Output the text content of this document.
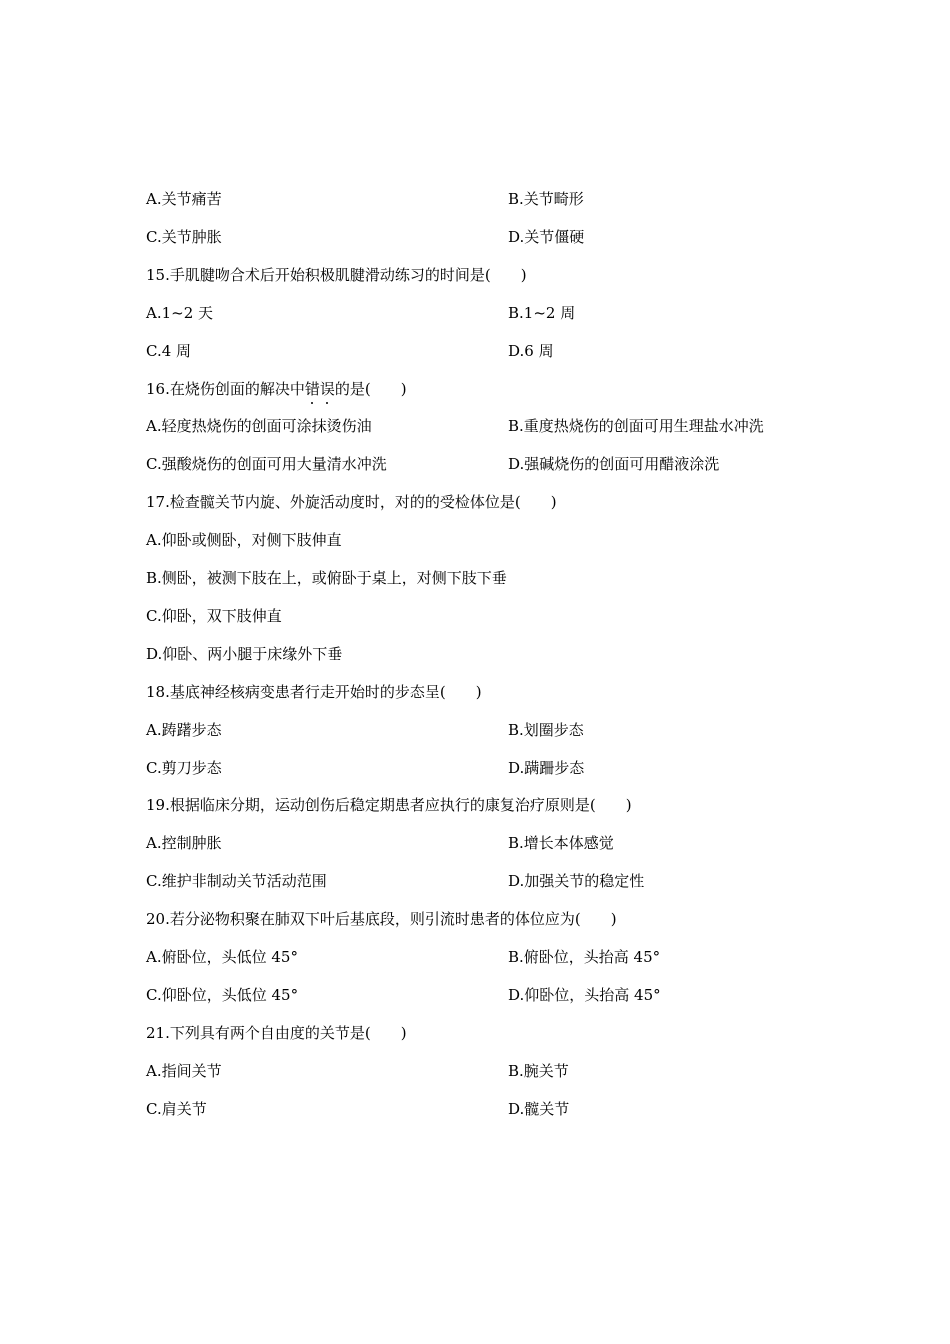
A.关节痛苦	B.关节畸形
C.关节肿胀	D.关节僵硬
15.手肌腱吻合术后开始积极肌腱滑动练习的时间是(　　)
A.1~2 天	B.1~2 周
C.4 周	D.6 周
16.在烧伤创面的解决中错误的是(　　)
A.轻度热烧伤的创面可涂抹烫伤油	B.重度热烧伤的创面可用生理盐水冲洗
C.强酸烧伤的创面可用大量清水冲洗	D.强碱烧伤的创面可用醋液涂洗
17.检查髋关节内旋、外旋活动度时，对的的受检体位是(　　)
A.仰卧或侧卧，对侧下肢伸直
B.侧卧，被测下肢在上，或俯卧于桌上，对侧下肢下垂
C.仰卧，双下肢伸直
D.仰卧、两小腿于床缘外下垂
18.基底神经核病变患者行走开始时的步态呈(　　)
A.踌躇步态	B.划圈步态
C.剪刀步态	D.蹒跚步态
19.根据临床分期，运动创伤后稳定期患者应执行的康复治疗原则是(　　)
A.控制肿胀	B.增长本体感觉
C.维护非制动关节活动范围	D.加强关节的稳定性
20.若分泌物积聚在肺双下叶后基底段，则引流时患者的体位应为(　　)
A.俯卧位，头低位 45°	B.俯卧位，头抬高 45°
C.仰卧位，头低位 45°	D.仰卧位，头抬高 45°
21.下列具有两个自由度的关节是(　　)
A.指间关节	B.腕关节
C.肩关节	D.髋关节
